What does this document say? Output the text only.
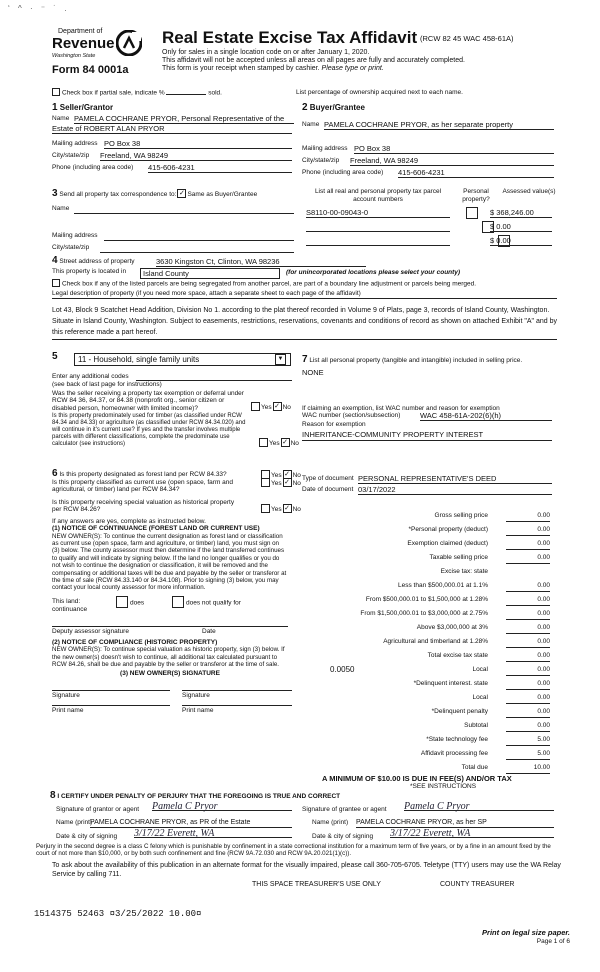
‘ ^ · ⁻ ˙ .
Department of
Revenue
Washington State
Form 84 0001a
Real Estate Excise Tax Affidavit (RCW 82 45 WAC 458-61A)
Only for sales in a single location code on or after January 1, 2020.
This affidavit will not be accepted unless all areas on all pages are fully and accurately completed.
This form is your receipt when stamped by cashier. Please type or print.
Check box if partial sale, indicate %	sold.	List percentage of ownership acquired next to each name.
1 Seller/Grantor
Name PAMELA COCHRANE PRYOR, Personal Representative of the
Estate of ROBERT ALAN PRYOR
Mailing address PO Box 38
City/state/zip Freeland, WA 98249
Phone (including area code) 415-606-4231
2 Buyer/Grantee
Name PAMELA COCHRANE PRYOR, as her separate property
Mailing address PO Box 38
City/state/zip Freeland, WA 98249
Phone (including area code) 415-606-4231
3 Send all property tax correspondence to: ✓ Same as Buyer/Grantee
Name
Mailing address
City/state/zip
List all real and personal property tax parcel account numbers
Personal property?
Assessed value(s)
S8110-00-09043-0
	$ 368,246.00
$ 0.00
$ 0.00
4 Street address of property	3630 Kingston Ct, Clinton, WA 98236
This property is located in	Island County	(for unincorporated locations please select your county)
Check box if any of the listed parcels are being segregated from another parcel, are part of a boundary line adjustment or parcels being merged.
Legal description of property (if you need more space, attach a separate sheet to each page of the affidavit)
Lot 43, Block 9 Scatchet Head Addition, Division No 1. according to the plat thereof recorded in Volume 9 of Plats, page 3, records of Island County, Washington. Situate in Island County, Washington. Subject to easements, restrictions, reservations, covenants and conditions of record as shown on attached Exhibit "A" and by this reference made a part hereof.
5	11 - Household, single family units	▼
Enter any additional codes
(see back of last page for instructions)
Was the seller receiving a property tax exemption or deferral under RCW 84 36, 84.37, or 84.38 (nonprofit org., senior citizen or disabled person, homeowner with limited income)?	Yes ✓ No
Is this property predominately used for timber (as classified under RCW 84.34 and 84.33) or agriculture (as classified under RCW 84.34.020) and will continue in it's current use? If yes and the transfer involves multiple parcels with different classifications, complete the predominate use calculator (see instructions)	Yes ✓ No
6 Is this property designated as forest land per RCW 84.33?	Yes ✓ No
Is this property classified as current use (open space, farm and agricultural, or timber) land per RCW 84.34?
Yes ✓ No
Is this property receiving special valuation as historical property per RCW 84.26?	Yes ✓ No
If any answers are yes, complete as instructed below.
(1) NOTICE OF CONTINUANCE (FOREST LAND OR CURRENT USE)
NEW OWNER(S): To continue the current designation as forest land or classification as current use (open space, farm and agriculture, or timber) land, you must sign on (3) below. The county assessor must then determine if the land transferred continues to qualify and will indicate by signing below. If the land no longer qualifies or you do not wish to continue the designation or classification, it will be removed and the compensating or additional taxes will be due and payable by the seller or transferor at the time of sale (RCW 84.33.140 or 84.34.108). Prior to signing (3) below, you may contact your local county assessor for more information.
This land:
continuance
does	does not qualify for
Deputy assessor signature	Date
(2) NOTICE OF COMPLIANCE (HISTORIC PROPERTY)
NEW OWNER(S): To continue special valuation as historic property, sign (3) below. If the new owner(s) doesn't wish to continue, all additional tax calculated pursuant to RCW 84.26, shall be due and payable by the seller or transferor at the time of sale.
(3) NEW OWNER(S) SIGNATURE
Signature	Signature
Print name	Print name
7 List all personal property (tangible and intangible) included in selling price.
NONE
If claiming an exemption, list WAC number and reason for exemption
WAC number (section/subsection)	WAC 458-61A-202(6)(h)
Reason for exemption
INHERITANCE-COMMUNITY PROPERTY INTEREST
Type of document PERSONAL REPRESENTATIVE'S DEED
Date of document 03/17/2022
Gross selling price	0.00
*Personal property (deduct)	0.00
Exemption claimed (deduct)	0.00
Taxable selling price	0.00
Excise tax: state
Less than $500,000.01 at 1.1%	0.00
From $500,000.01 to $1,500,000 at 1.28%	0.00
From $1,500,000.01 to $3,000,000 at 2.75%	0.00
Above $3,000,000 at 3%	0.00
Agricultural and timberland at 1.28%	0.00
Total excise tax state	0.00
0.0050	Local	0.00
*Delinquent interest. state	0.00
Local	0.00
*Delinquent penalty	0.00
Subtotal	0.00
*State technology fee	5.00
Affidavit processing fee	5.00
Total due	10.00
A MINIMUM OF $10.00 IS DUE IN FEE(S) AND/OR TAX
*SEE INSTRUCTIONS
8 I CERTIFY UNDER PENALTY OF PERJURY THAT THE FOREGOING IS TRUE AND CORRECT
Signature of grantor or agent Pamela C Pryor	Signature of grantee or agent Pamela C Pryor
Name (print)
PAMELA COCHRANE PRYOR, as PR of the Estate	Name (print) PAMELA COCHRANE PRYOR, as her SP
Date & city of signing 3/17/22 Everett, WA	Date & city of signing 3/17/22 Everett, WA
Perjury in the second degree is a class C felony which is punishable by confinement in a state correctional institution for a maximum term of five years, or by a fine in an amount fixed by the court of not more than $10,000, or by both such confinement and fine (RCW 9A.72.030 and RCW 9A.20.021(1)(c)).
To ask about the availability of this publication in an alternate format for the visually impaired, please call 360-705-6705. Teletype (TTY) users may use the WA Relay Service by calling 711.
THIS SPACE TREASURER'S USE ONLY	COUNTY TREASURER
1514375 52463 ¤3/25/2022 10.00¤
Print on legal size paper.
Page 1 of 6
